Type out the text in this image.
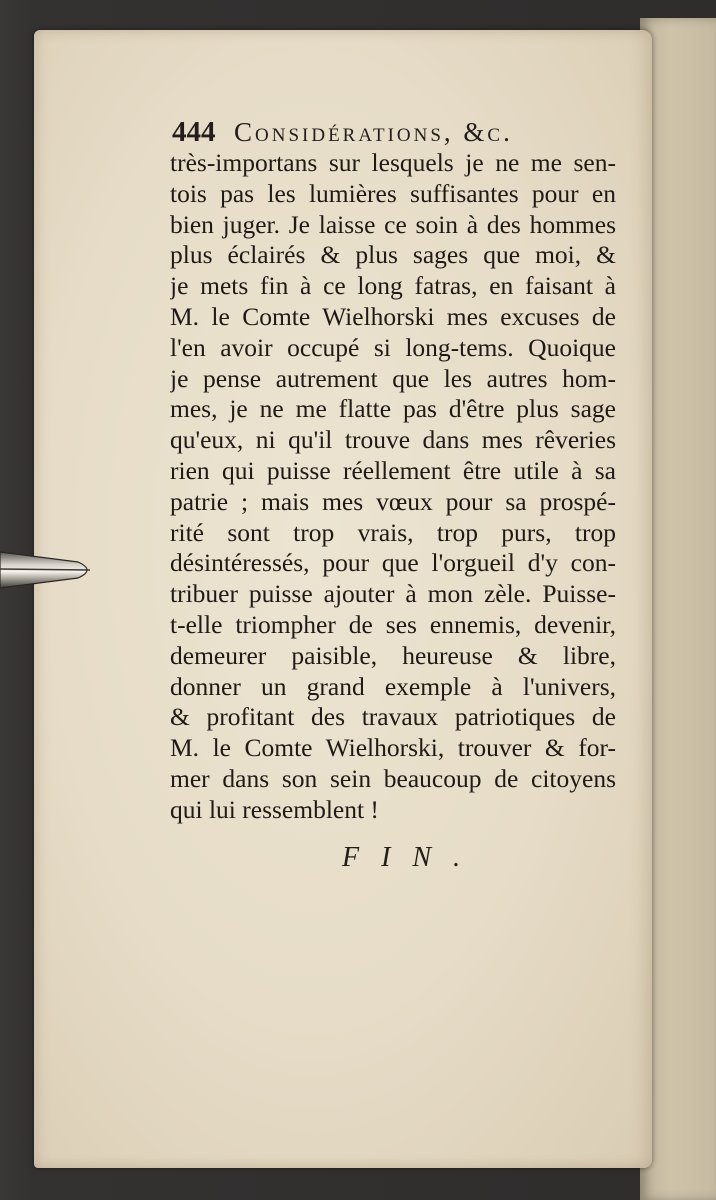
444 Considérations, &c.
très-importans sur lesquels je ne me sen-
tois pas les lumières suffisantes pour en
bien juger. Je laisse ce soin à des hommes
plus éclairés & plus sages que moi, &
je mets fin à ce long fatras, en faisant à
M. le Comte Wielhorski mes excuses de
l'en avoir occupé si long-tems. Quoique
je pense autrement que les autres hom-
mes, je ne me flatte pas d'être plus sage
qu'eux, ni qu'il trouve dans mes rêveries
rien qui puisse réellement être utile à sa
patrie ; mais mes vœux pour sa prospé-
rité sont trop vrais, trop purs, trop
désintéressés, pour que l'orgueil d'y con-
tribuer puisse ajouter à mon zèle. Puisse-
t-elle triompher de ses ennemis, devenir,
demeurer paisible, heureuse & libre,
donner un grand exemple à l'univers,
& profitant des travaux patriotiques de
M. le Comte Wielhorski, trouver & for-
mer dans son sein beaucoup de citoyens
qui lui ressemblent !
FIN.
